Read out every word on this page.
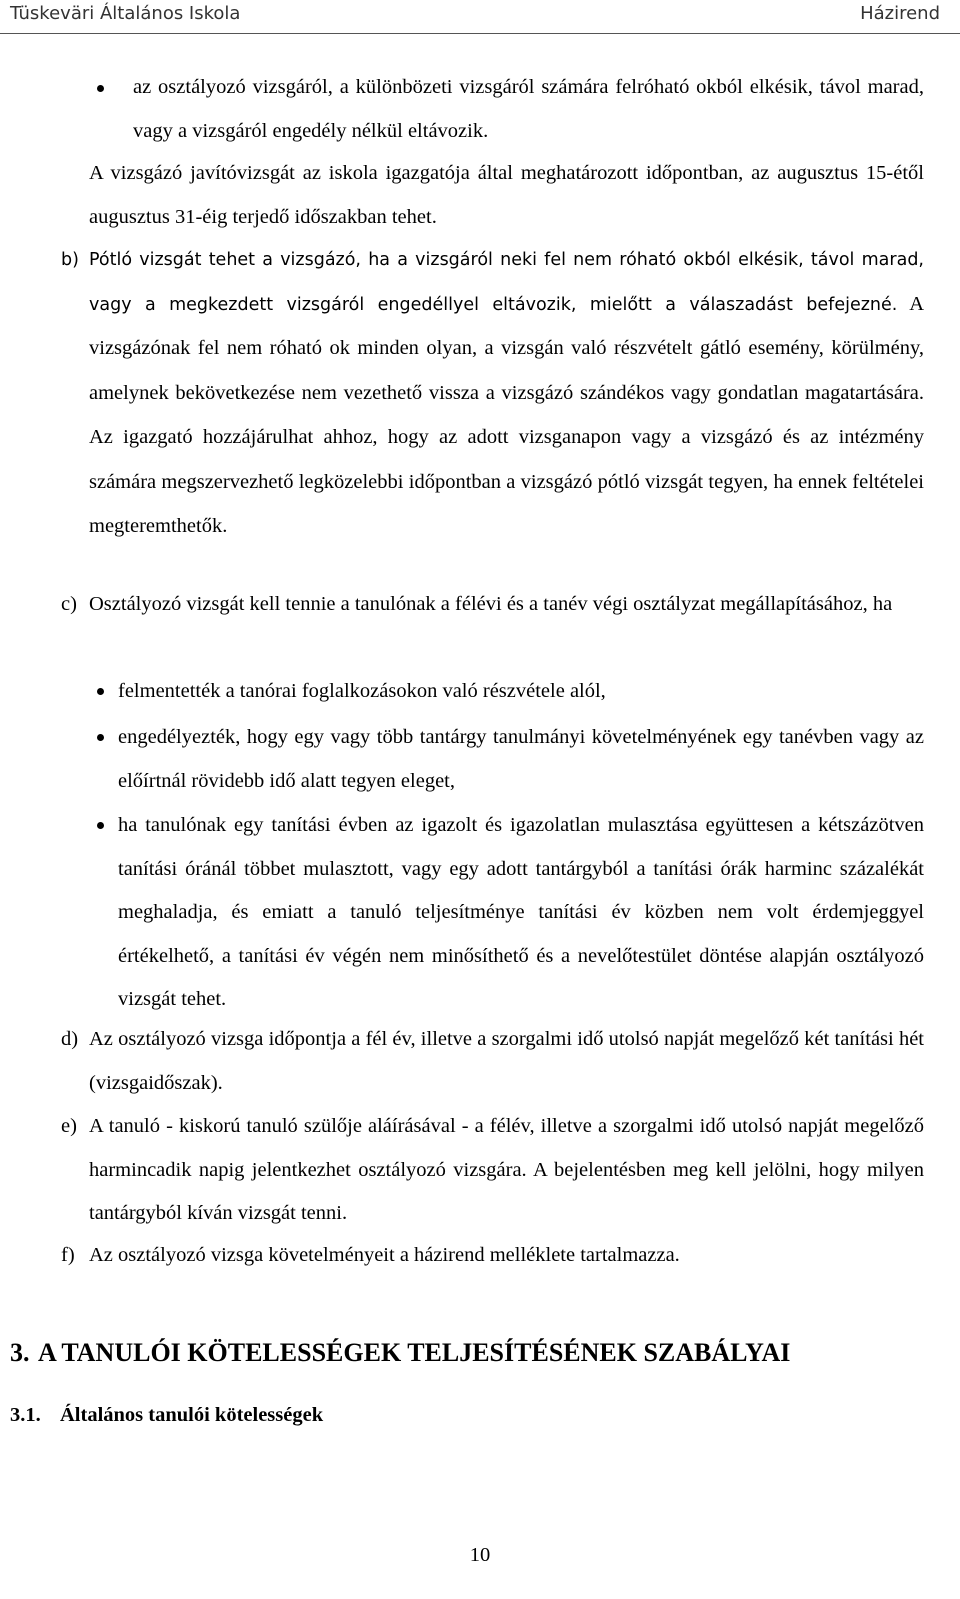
Tüskeväri Általános Iskola	Házirend
az osztályozó vizsgáról, a különbözeti vizsgáról számára felróható okból elkésik, távol marad, vagy a vizsgáról engedély nélkül eltávozik.
A vizsgázó javítóvizsgát az iskola igazgatója által meghatározott időpontban, az augusztus 15-étől augusztus 31-éig terjedő időszakban tehet.
b) Pótló vizsgát tehet a vizsgázó, ha a vizsgáról neki fel nem róható okból elkésik, távol marad, vagy a megkezdett vizsgáról engedéllyel eltávozik, mielőtt a válaszadást befejezné. A vizsgázónak fel nem róható ok minden olyan, a vizsgán való részvételt gátló esemény, körülmény, amelynek bekövetkezése nem vezethető vissza a vizsgázó szándékos vagy gondatlan magatartására. Az igazgató hozzájárulhat ahhoz, hogy az adott vizsganapon vagy a vizsgázó és az intézmény számára megszervezhető legközelebbi időpontban a vizsgázó pótló vizsgát tegyen, ha ennek feltételei megteremthetők.
c) Osztályozó vizsgát kell tennie a tanulónak a félévi és a tanév végi osztályzat megállapításához, ha
felmentették a tanórai foglalkozásokon való részvétele alól,
engedélyezték, hogy egy vagy több tantárgy tanulmányi követelményének egy tanévben vagy az előírtnál rövidebb idő alatt tegyen eleget,
ha tanulónak egy tanítási évben az igazolt és igazolatlan mulasztása együttesen a kétszázötven tanítási óránál többet mulasztott, vagy egy adott tantárgyból a tanítási órák harminc százalékát meghaladja, és emiatt a tanuló teljesítménye tanítási év közben nem volt érdemjeggyel értékelhető, a tanítási év végén nem minősíthető és a nevelőtestület döntése alapján osztályozó vizsgát tehet.
d) Az osztályozó vizsga időpontja a fél év, illetve a szorgalmi idő utolsó napját megelőző két tanítási hét (vizsgaidőszak).
e) A tanuló - kiskorú tanuló szülője aláírásával - a félév, illetve a szorgalmi idő utolsó napját megelőző harmincadik napig jelentkezhet osztályozó vizsgára. A bejelentésben meg kell jelölni, hogy milyen tantárgyból kíván vizsgát tenni.
f) Az osztályozó vizsga követelményeit a házirend melléklete tartalmazza.
3. A TANULÓI KÖTELESSÉGEK TELJESÍTÉSÉNEK SZABÁLYAI
3.1. Általános tanulói kötelességek
10
